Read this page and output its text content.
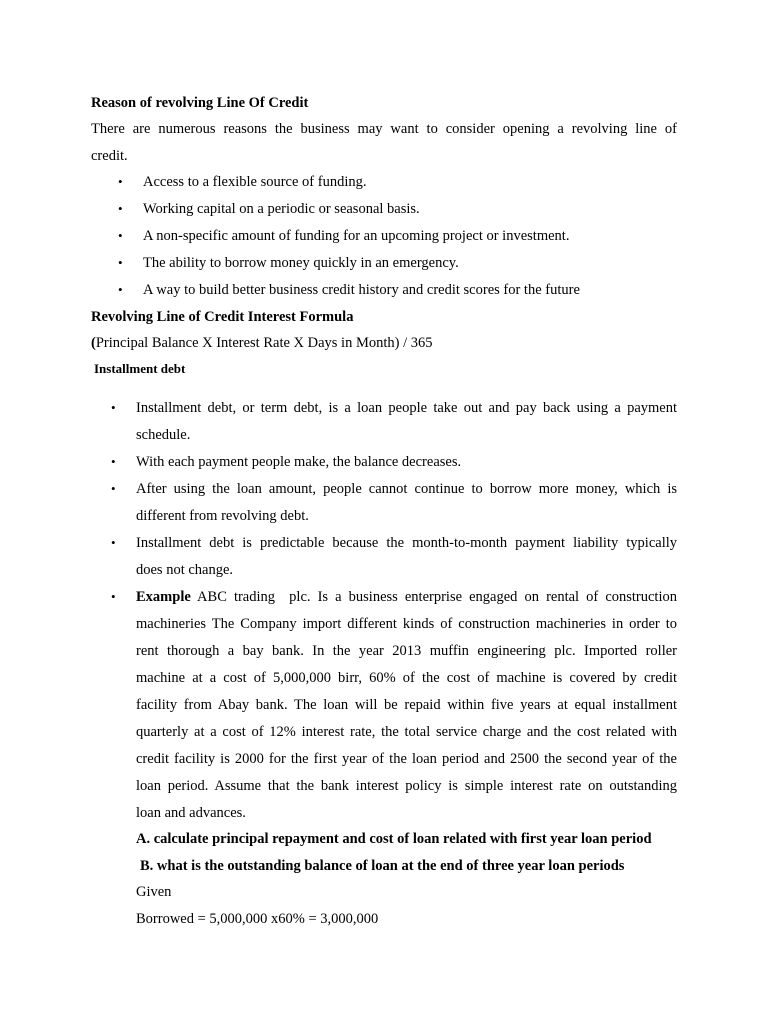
Reason of revolving Line Of Credit
There are numerous reasons the business may want to consider opening a revolving line of
credit.
• Access to a flexible source of funding.
• Working capital on a periodic or seasonal basis.
• A non-specific amount of funding for an upcoming project or investment.
• The ability to borrow money quickly in an emergency.
• A way to build better business credit history and credit scores for the future
Revolving Line of Credit Interest Formula
(Principal Balance X Interest Rate X Days in Month) / 365
Installment debt
• Installment debt, or term debt, is a loan people take out and pay back using a payment
schedule.
• With each payment people make, the balance decreases.
• After using the loan amount, people cannot continue to borrow more money, which is
different from revolving debt.
• Installment debt is predictable because the month-to-month payment liability typically
does not change.
• Example ABC trading  plc. Is a business enterprise engaged on rental of construction
machineries The Company import different kinds of construction machineries in order to
rent thorough a bay bank. In the year 2013 muffin engineering plc. Imported roller
machine at a cost of 5,000,000 birr, 60% of the cost of machine is covered by credit
facility from Abay bank. The loan will be repaid within five years at equal installment
quarterly at a cost of 12% interest rate, the total service charge and the cost related with
credit facility is 2000 for the first year of the loan period and 2500 the second year of the
loan period. Assume that the bank interest policy is simple interest rate on outstanding
loan and advances.
A. calculate principal repayment and cost of loan related with first year loan period
B. what is the outstanding balance of loan at the end of three year loan periods
Given
Borrowed = 5,000,000 x60% = 3,000,000
